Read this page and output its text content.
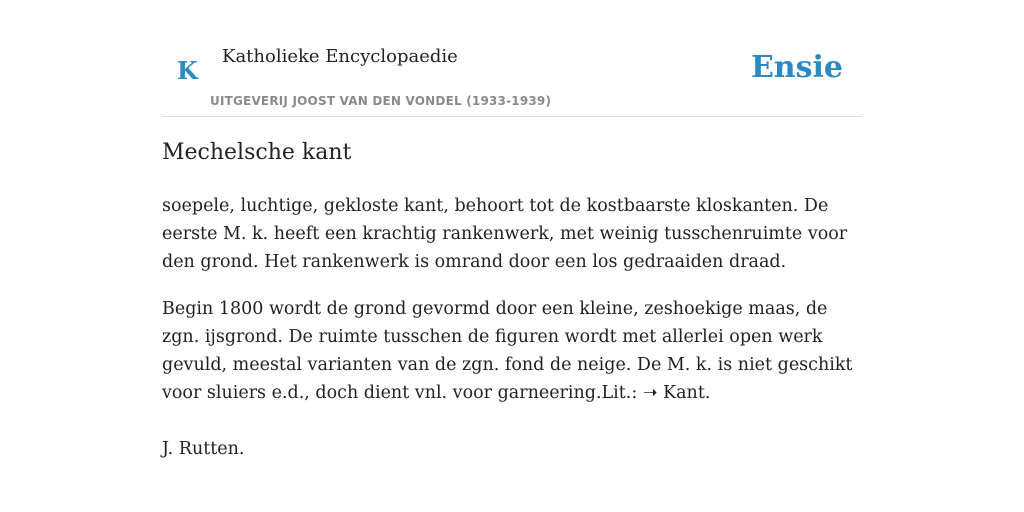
K Katholieke Encyclopaedie
UITGEVERIJ JOOST VAN DEN VONDEL (1933-1939)
Ensie
Mechelsche kant

soepele, luchtige, gekloste kant, behoort tot de kostbaarste kloskanten. De eerste M. k. heeft een krachtig rankenwerk, met weinig tusschenruimte voor den grond. Het rankenwerk is omrand door een los gedraaiden draad.

Begin 1800 wordt de grond gevormd door een kleine, zeshoekige maas, de zgn. ijsgrond. De ruimte tusschen de figuren wordt met allerlei open werk gevuld, meestal varianten van de zgn. fond de neige. De M. k. is niet geschikt voor sluiers e.d., doch dient vnl. voor garneering.Lit.: ➝ Kant.

J. Rutten.
